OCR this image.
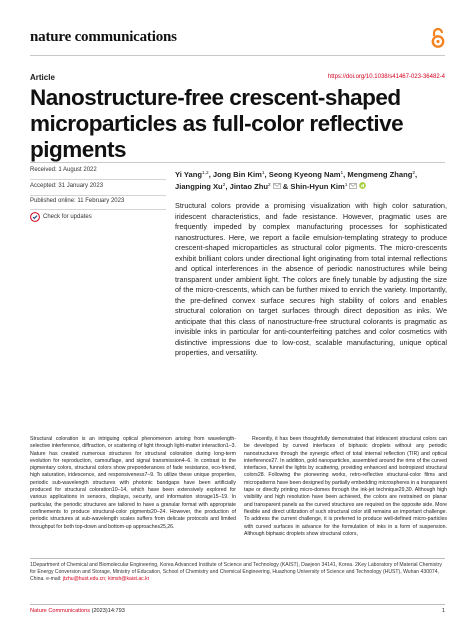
nature communications
Article	https://doi.org/10.1038/s41467-023-36482-4
Nanostructure-free crescent-shaped microparticles as full-color reflective pigments
Received: 1 August 2022
Accepted: 31 January 2023
Published online: 11 February 2023
Check for updates
Yi Yang$^{1,2}$, Jong Bin Kim$^1$, Seong Kyeong Nam$^1$, Mengmeng Zhang$^2$, Jiangping Xu$^2$, Jintao Zhu$^2$ & Shin-Hyun Kim$^1$

Structural colors provide a promising visualization with high color saturation, iridescent characteristics, and fade resistance. However, pragmatic uses are frequently impeded by complex manufacturing processes for sophisticated nanostructures. Here, we report a facile emulsion-templating strategy to produce crescent-shaped microparticles as structural color pigments. The micro-crescents exhibit brilliant colors under directional light originating from total internal reflections and optical interferences in the absence of periodic nanostructures while being transparent under ambient light. The colors are finely tunable by adjusting the size of the micro-crescents, which can be further mixed to enrich the variety. Importantly, the pre-defined convex surface secures high stability of colors and enables structural coloration on target surfaces through direct deposition as inks. We anticipate that this class of nanostructure-free structural colorants is pragmatic as invisible inks in particular for anti-counterfeiting patches and color cosmetics with distinctive impressions due to low-cost, scalable manufacturing, unique optical properties, and versatility.

Structural coloration is an intriguing optical phenomenon arising from wavelength-selective interference, diffraction, or scattering of light through light-matter interaction1–3. Nature has created numerous structures for structural coloration during long-term evolution for reproduction, camouflage, and signal transmission4–6. In contrast to the pigmentary colors, structural colors show preponderances of fade resistance, eco-friend, high saturation, iridescence, and responsiveness7–9. To utilize these unique properties, periodic sub-wavelength structures with photonic bandgaps have been artificially produced for structural coloration10–14, which have been extensively explored for various applications in sensors, displays, security, and information storage15–19. In particular, the periodic structures are tailored to have a granular format with appropriate confinements to produce structural-color pigments20–24. However, the production of periodic structures at sub-wavelength scales suffers from delicate protocols and limited throughput for both top-down and bottom-up approaches25,26.

Recently, it has been thoughtfully demonstrated that iridescent structural colors can be developed by curved interfaces of biphasic droplets without any periodic nanostructures through the synergic effect of total internal reflection (TIR) and optical interference27. In addition, gold nanoparticles, assembled around the rims of the curved interfaces, funnel the lights by scattering, providing enhanced and isotropized structural colors28. Following the pioneering works, retro-reflective structural-color films and micropatterns have been designed by partially embedding microspheres in a transparent tape or directly printing micro-domes through the ink-jet technique29,30. Although high visibility and high resolution have been achieved, the colors are restrained on planar and transparent panels as the curved structures are required on the opposite side. More flexible and direct utilization of such structural color still remains an important challenge. To address the current challenge, it is preferred to produce well-defined micro-particles with curved surfaces in advance for the formulation of inks in a form of suspension. Although biphasic droplets show structural colors,

1Department of Chemical and Biomolecular Engineering, Korea Advanced Institute of Science and Technology (KAIST), Daejeon 34141, Korea. 2Key Laboratory of Material Chemistry for Energy Conversion and Storage, Ministry of Education, School of Chemistry and Chemical Engineering, Huazhong University of Science and Technology (HUST), Wuhan 430074, China. e-mail: jtzhu@hust.edu.cn; kimsh@kaist.ac.kr
Nature Communications (2023)14:793	1
